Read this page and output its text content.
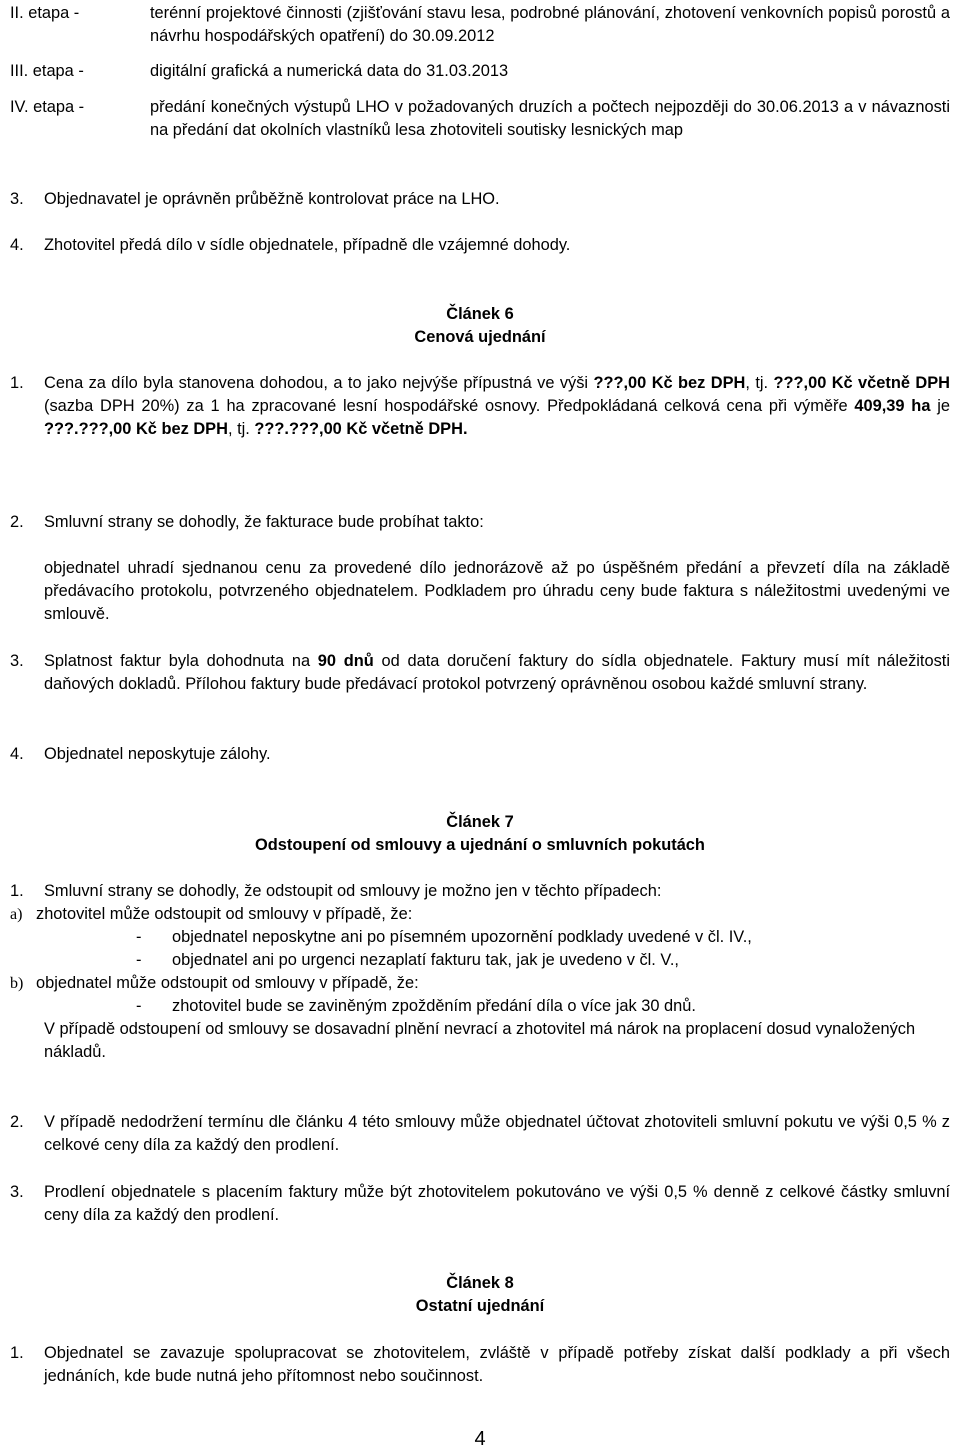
II. etapa -	terénní projektové činnosti (zjišťování stavu lesa, podrobné plánování, zhotovení venkovních popisů porostů a návrhu hospodářských opatření) do 30.09.2012
III. etapa -	digitální grafická a numerická data do 31.03.2013
IV. etapa -	předání konečných výstupů LHO v požadovaných druzích a počtech nejpozději do 30.06.2013 a v návaznosti na předání dat okolních vlastníků lesa zhotoviteli soutisky lesnických map
3. Objednavatel je oprávněn průběžně kontrolovat práce na LHO.
4. Zhotovitel předá dílo v sídle objednatele, případně dle vzájemné dohody.
Článek 6
Cenová ujednání
1. Cena za dílo byla stanovena dohodou, a to jako nejvýše přípustná ve výši ???,00 Kč bez DPH, tj. ???,00 Kč včetně DPH (sazba DPH 20%) za 1 ha zpracované lesní hospodářské osnovy. Předpokládaná celková cena při výměře 409,39 ha je ???.???,00 Kč bez DPH, tj. ???.???,00 Kč včetně DPH.
2. Smluvní strany se dohodly, že fakturace bude probíhat takto:
objednatel uhradí sjednanou cenu za provedené dílo jednorázově až po úspěšném předání a převzetí díla na základě předávacího protokolu, potvrzeného objednatelem. Podkladem pro úhradu ceny bude faktura s náležitostmi uvedenými ve smlouvě.
3. Splatnost faktur byla dohodnuta na 90 dnů od data doručení faktury do sídla objednatele. Faktury musí mít náležitosti daňových dokladů. Přílohou faktury bude předávací protokol potvrzený oprávněnou osobou každé smluvní strany.
4. Objednatel neposkytuje zálohy.
Článek 7
Odstoupení od smlouvy a ujednání o smluvních pokutách
1. Smluvní strany se dohodly, že odstoupit od smlouvy je možno jen v těchto případech:
a) zhotovitel může odstoupit od smlouvy v případě, že:
- objednatel neposkytne ani po písemném upozornění podklady uvedené v čl. IV.,
- objednatel ani po urgenci nezaplatí fakturu tak, jak je uvedeno v čl. V.,
b) objednatel může odstoupit od smlouvy v případě, že:
- zhotovitel bude se zaviněným zpožděním předání díla o více jak 30 dnů.
V případě odstoupení od smlouvy se dosavadní plnění nevrací a zhotovitel má nárok na proplacení dosud vynaložených nákladů.
2. V případě nedodržení termínu dle článku 4 této smlouvy může objednatel účtovat zhotoviteli smluvní pokutu ve výši 0,5 % z celkové ceny díla za každý den prodlení.
3. Prodlení objednatele s placením faktury může být zhotovitelem pokutováno ve výši 0,5 % denně z celkové částky smluvní ceny díla za každý den prodlení.
Článek 8
Ostatní ujednání
1. Objednatel se zavazuje spolupracovat se zhotovitelem, zvláště v případě potřeby získat další podklady a při všech jednáních, kde bude nutná jeho přítomnost nebo součinnost.
4
